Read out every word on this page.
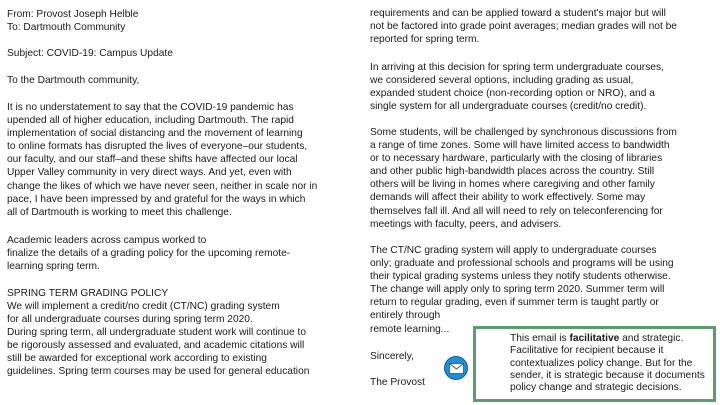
From: Provost Joseph Helble

To: Dartmouth Community

Subject: COVID-19: Campus Update

To the Dartmouth community,

It is no understatement to say that the COVID-19 pandemic has
upended all of higher education, including Dartmouth. The rapid
implementation of social distancing and the movement of learning
to online formats has disrupted the lives of everyone–our students,
our faculty, and our staff–and these shifts have affected our local
Upper Valley community in very direct ways. And yet, even with
change the likes of which we have never seen, neither in scale nor in
pace, I have been impressed by and grateful for the ways in which
all of Dartmouth is working to meet this challenge.

Academic leaders across campus worked to
finalize the details of a grading policy for the upcoming remote-
learning spring term.

SPRING TERM GRADING POLICY

We will implement a credit/no credit (CT/NC) grading system
for all undergraduate courses during spring term 2020.
During spring term, all undergraduate student work will continue to
be rigorously assessed and evaluated, and academic citations will
still be awarded for exceptional work according to existing
guidelines. Spring term courses may be used for general education

requirements and can be applied toward a student's major but will
not be factored into grade point averages; median grades will not be
reported for spring term.

In arriving at this decision for spring term undergraduate courses,
we considered several options, including grading as usual,
expanded student choice (non-recording option or NRO), and a
single system for all undergraduate courses (credit/no credit).

Some students, will be challenged by synchronous discussions from
a range of time zones. Some will have limited access to bandwidth
or to necessary hardware, particularly with the closing of libraries
and other public high-bandwidth places across the country. Still
others will be living in homes where caregiving and other family
demands will affect their ability to work effectively. Some may
themselves fall ill. And all will need to rely on teleconferencing for
meetings with faculty, peers, and advisers.

The CT/NC grading system will apply to undergraduate courses
only; graduate and professional schools and programs will be using
their typical grading systems unless they notify students otherwise.
The change will apply only to spring term 2020. Summer term will
return to regular grading, even if summer term is taught partly or
entirely through
remote learning...

Sincerely,

The Provost

This email is facilitative and strategic.

Facilitative for recipient because it
contextualizes policy change. But for the
sender, it is strategic because it documents
policy change and strategic decisions.
